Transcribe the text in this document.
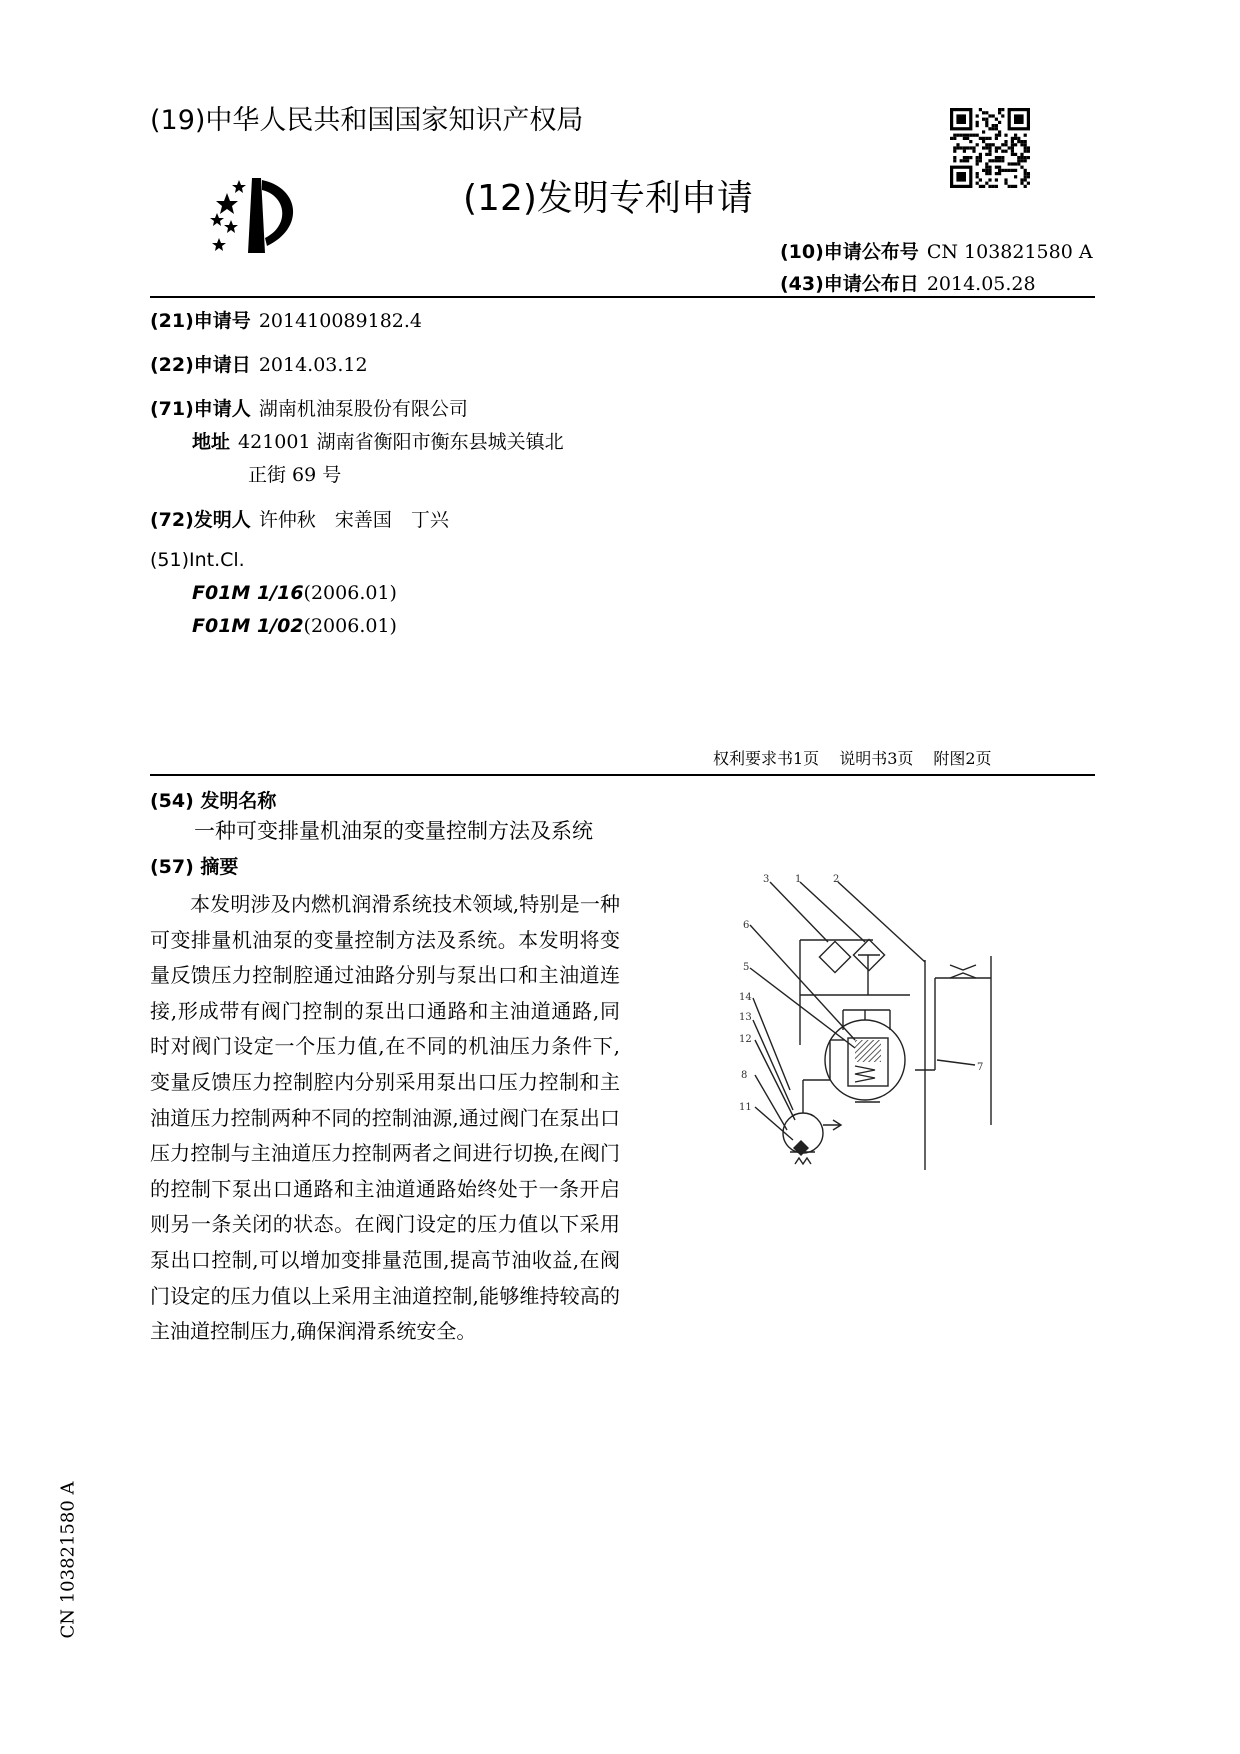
(19)中华人民共和国国家知识产权局
(12)发明专利申请
(10)申请公布号 CN 103821580 A
(43)申请公布日 2014.05.28
(21)申请号 201410089182.4
(22)申请日 2014.03.12
(71)申请人 湖南机油泵股份有限公司
地址 421001 湖南省衡阳市衡东县城关镇北
正街 69 号
(72)发明人 许仲秋　宋善国　丁兴
(51)Int.Cl.
F01M 1/16(2006.01)
F01M 1/02(2006.01)
权利要求书1页 说明书3页 附图2页
(54) 发明名称
一种可变排量机油泵的变量控制方法及系统
(57) 摘要

本发明涉及内燃机润滑系统技术领域,特别是一种可变排量机油泵的变量控制方法及系统。本发明将变量反馈压力控制腔通过油路分别与泵出口和主油道连接,形成带有阀门控制的泵出口通路和主油道通路,同时对阀门设定一个压力值,在不同的机油压力条件下,变量反馈压力控制腔内分别采用泵出口压力控制和主油道压力控制两种不同的控制油源,通过阀门在泵出口压力控制与主油道压力控制两者之间进行切换,在阀门的控制下泵出口通路和主油道通路始终处于一条开启则另一条关闭的状态。在阀门设定的压力值以下采用泵出口控制,可以增加变排量范围,提高节油收益,在阀门设定的压力值以上采用主油道控制,能够维持较高的主油道控制压力,确保润滑系统安全。

3	1	2
6
5
14
13
12
8
11
7
CN 103821580 A
